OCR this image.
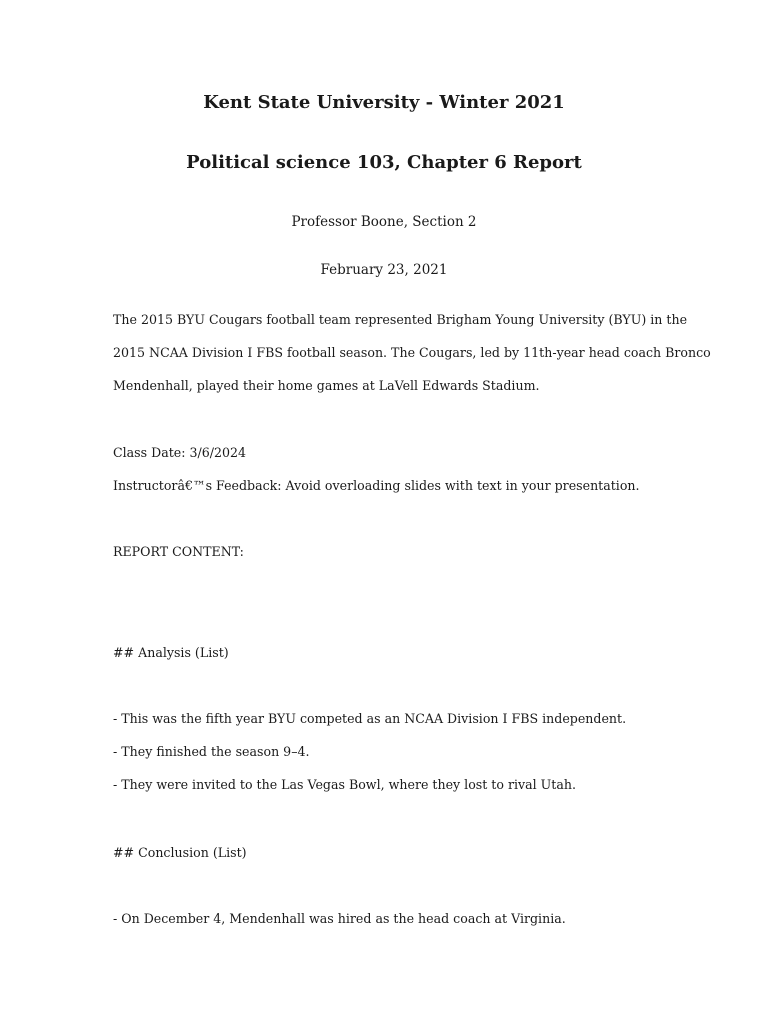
Kent State University - Winter 2021
Political science 103, Chapter 6 Report
Professor Boone, Section 2
February 23, 2021
The 2015 BYU Cougars football team represented Brigham Young University (BYU) in the
2015 NCAA Division I FBS football season. The Cougars, led by 11th-year head coach Bronco
Mendenhall, played their home games at LaVell Edwards Stadium.
Class Date: 3/6/2024
Instructorâ€™s Feedback: Avoid overloading slides with text in your presentation.
REPORT CONTENT:
## Analysis (List)
- This was the fifth year BYU competed as an NCAA Division I FBS independent.
- They finished the season 9–4.
- They were invited to the Las Vegas Bowl, where they lost to rival Utah.
## Conclusion (List)
- On December 4, Mendenhall was hired as the head coach at Virginia.
